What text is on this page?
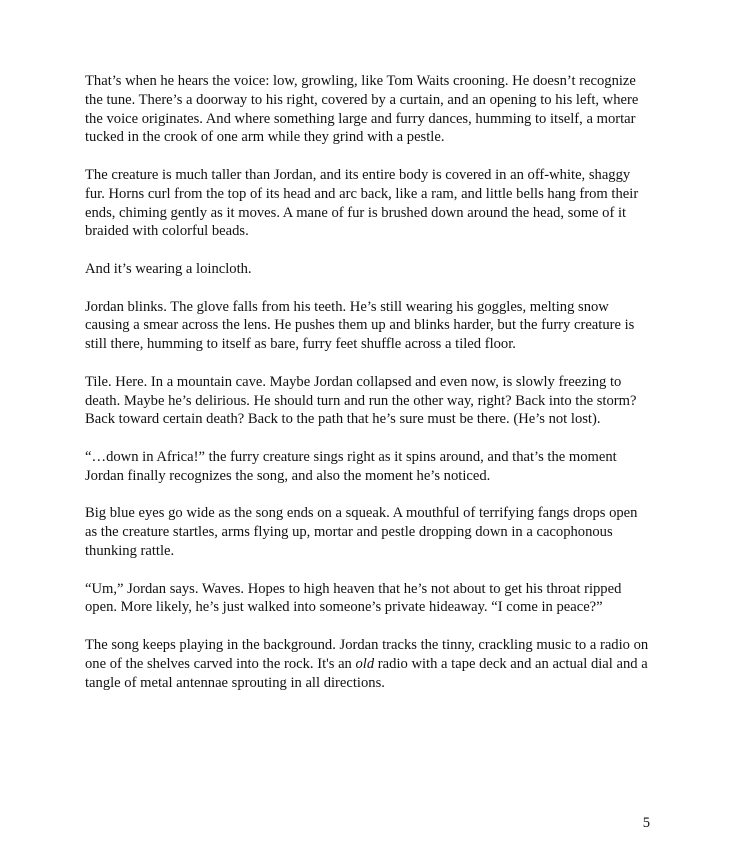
That’s when he hears the voice: low, growling, like Tom Waits crooning. He doesn’t recognize the tune. There’s a doorway to his right, covered by a curtain, and an opening to his left, where the voice originates. And where something large and furry dances, humming to itself, a mortar tucked in the crook of one arm while they grind with a pestle.

The creature is much taller than Jordan, and its entire body is covered in an off-white, shaggy fur. Horns curl from the top of its head and arc back, like a ram, and little bells hang from their ends, chiming gently as it moves. A mane of fur is brushed down around the head, some of it braided with colorful beads.

And it’s wearing a loincloth.

Jordan blinks. The glove falls from his teeth. He’s still wearing his goggles, melting snow causing a smear across the lens. He pushes them up and blinks harder, but the furry creature is still there, humming to itself as bare, furry feet shuffle across a tiled floor.

Tile. Here. In a mountain cave. Maybe Jordan collapsed and even now, is slowly freezing to death. Maybe he’s delirious. He should turn and run the other way, right? Back into the storm? Back toward certain death? Back to the path that he’s sure must be there. (He’s not lost).

“…down in Africa!” the furry creature sings right as it spins around, and that’s the moment Jordan finally recognizes the song, and also the moment he’s noticed.

Big blue eyes go wide as the song ends on a squeak. A mouthful of terrifying fangs drops open as the creature startles, arms flying up, mortar and pestle dropping down in a cacophonous thunking rattle.

“Um,” Jordan says. Waves. Hopes to high heaven that he’s not about to get his throat ripped open. More likely, he’s just walked into someone’s private hideaway. “I come in peace?”

The song keeps playing in the background. Jordan tracks the tinny, crackling music to a radio on one of the shelves carved into the rock. It's an old radio with a tape deck and an actual dial and a tangle of metal antennae sprouting in all directions.

5
